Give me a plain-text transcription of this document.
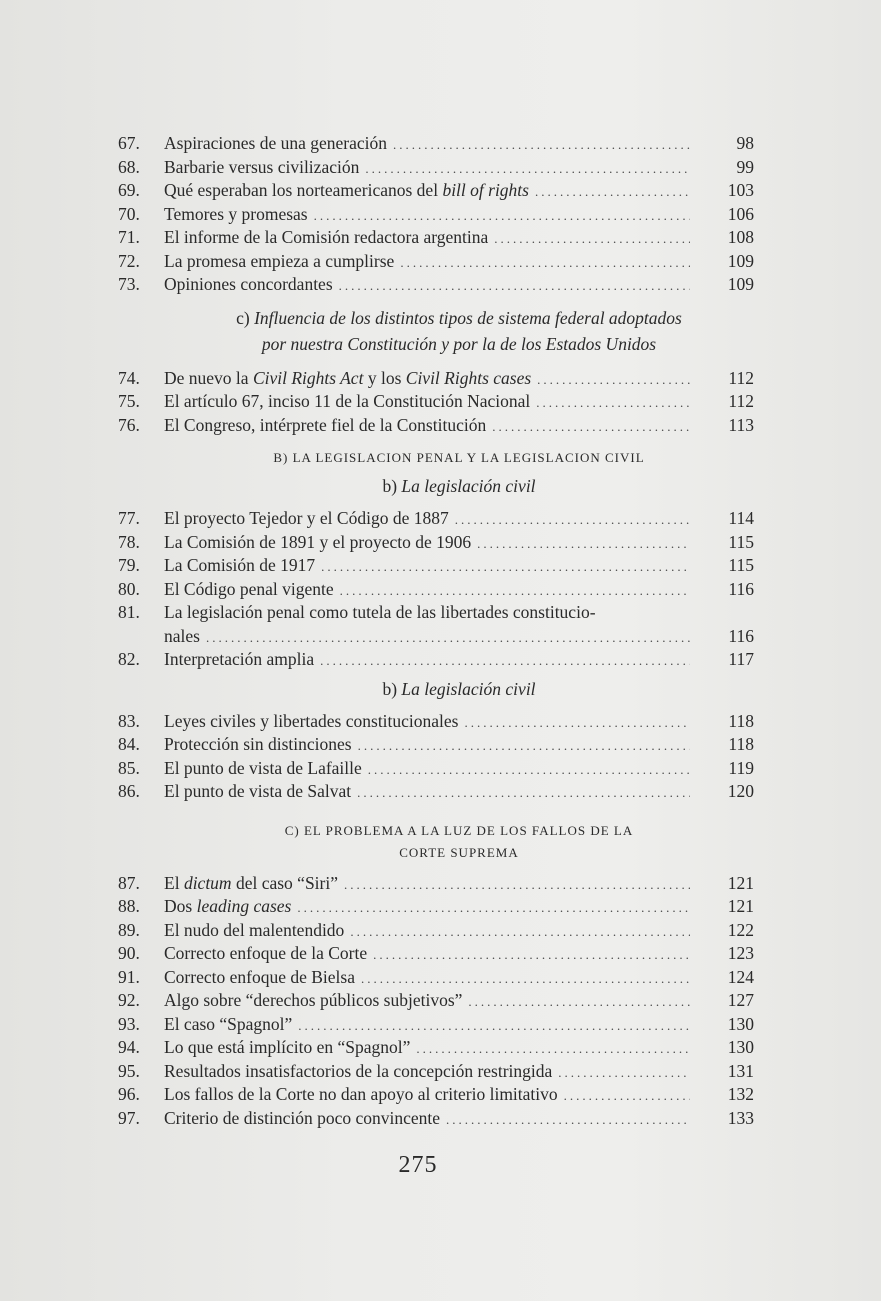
67.	Aspiraciones de una generación .....	98
68.	Barbarie versus civilización .....	99
69.	Qué esperaban los norteamericanos del bill of rights .....	103
70.	Temores y promesas .....	106
71.	El informe de la Comisión redactora argentina .....	108
72.	La promesa empieza a cumplirse .....	109
73.	Opiniones concordantes .....	109
c) Influencia de los distintos tipos de sistema federal adoptados
por nuestra Constitución y por la de los Estados Unidos
74.	De nuevo la Civil Rights Act y los Civil Rights cases .....	112
75.	El artículo 67, inciso 11 de la Constitución Nacional .....	112
76.	El Congreso, intérprete fiel de la Constitución .....	113
B) LA LEGISLACION PENAL Y LA LEGISLACION CIVIL
b) La legislación civil
77.	El proyecto Tejedor y el Código de 1887 .....	114
78.	La Comisión de 1891 y el proyecto de 1906 .....	115
79.	La Comisión de 1917 .....	115
80.	El Código penal vigente .....	116
81.	La legislación penal como tutela de las libertades constitucio-
nales .....	116
82.	Interpretación amplia .....	117
b) La legislación civil
83.	Leyes civiles y libertades constitucionales .....	118
84.	Protección sin distinciones .....	118
85.	El punto de vista de Lafaille .....	119
86.	El punto de vista de Salvat .....	120
C) EL PROBLEMA A LA LUZ DE LOS FALLOS DE LA
CORTE SUPREMA
87.	El dictum del caso “Siri” .....	121
88.	Dos leading cases .....	121
89.	El nudo del malentendido .....	122
90.	Correcto enfoque de la Corte .....	123
91.	Correcto enfoque de Bielsa .....	124
92.	Algo sobre “derechos públicos subjetivos” .....	127
93.	El caso “Spagnol” .....	130
94.	Lo que está implícito en “Spagnol” .....	130
95.	Resultados insatisfactorios de la concepción restringida .....	131
96.	Los fallos de la Corte no dan apoyo al criterio limitativo .....	132
97.	Criterio de distinción poco convincente .....	133
275
